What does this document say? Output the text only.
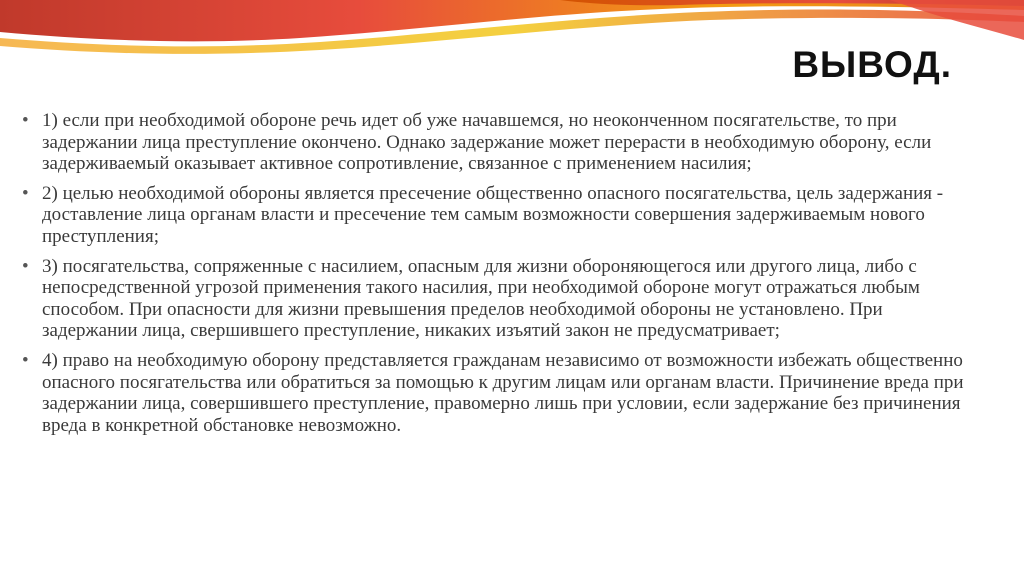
ВЫВОД.
• 1) если при необходимой обороне речь идет об уже начавшемся, но неоконченном посягательстве, то при задержании лица преступление окончено. Однако задержание может перерасти в необходимую оборону, если задерживаемый оказывает активное сопротивление, связанное с применением насилия;
• 2) целью необходимой обороны является пресечение общественно опасного посягательства, цель задержания - доставление лица органам власти и пресечение тем самым возможности совершения задерживаемым нового преступления;
• 3) посягательства, сопряженные с насилием, опасным для жизни обороняющегося или другого лица, либо с непосредственной угрозой применения такого насилия, при необходимой обороне могут отражаться любым способом. При опасности для жизни превышения пределов необходимой обороны не установлено. При задержании лица, свершившего преступление, никаких изъятий закон не предусматривает;
• 4) право на необходимую оборону представляется гражданам независимо от возможности избежать общественно опасного посягательства или обратиться за помощью к другим лицам или органам власти. Причинение вреда при задержании лица, совершившего преступление, правомерно лишь при условии, если задержание без причинения вреда в конкретной обстановке невозможно.
